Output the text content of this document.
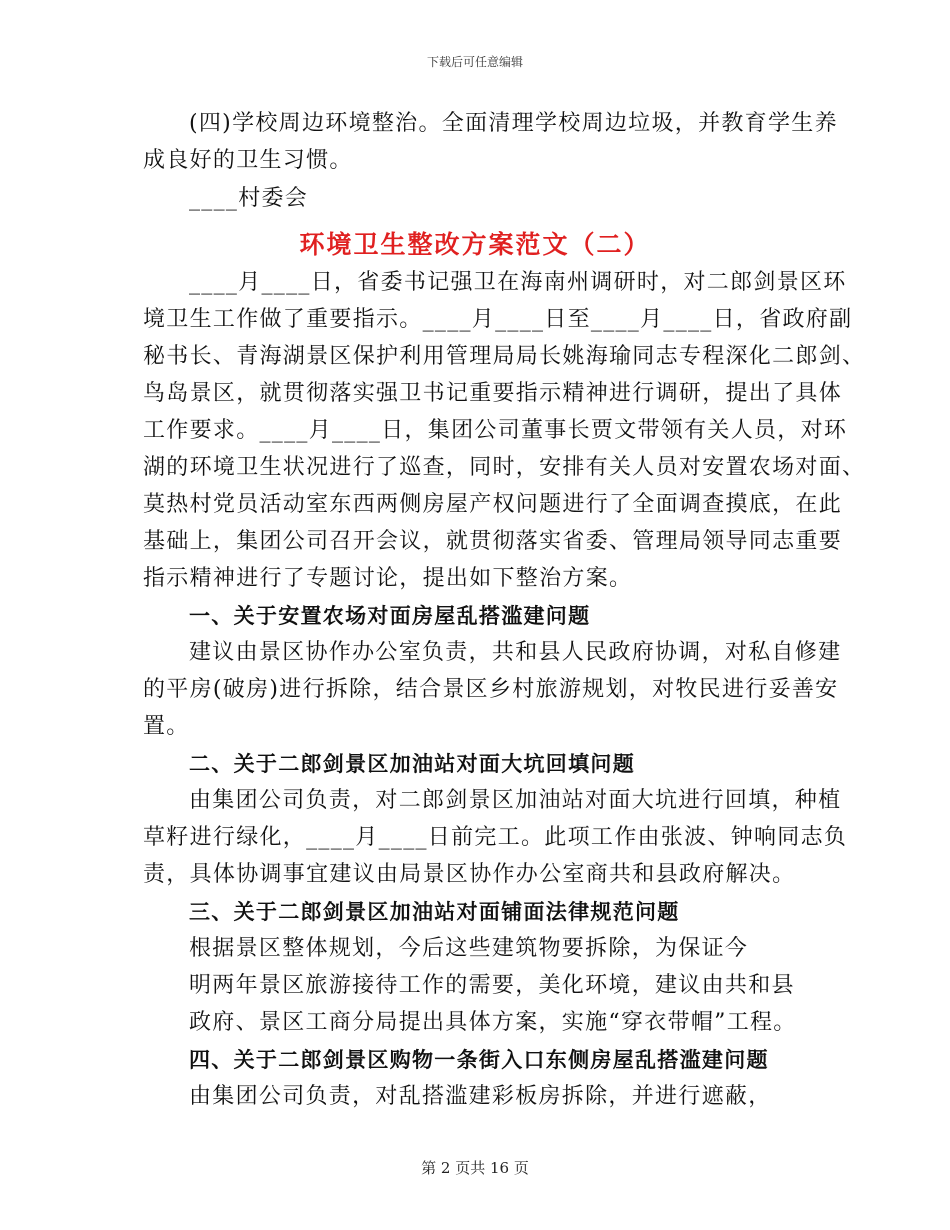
下载后可任意编辑
(四)学校周边环境整治。全面清理学校周边垃圾，并教育学生养
成良好的卫生习惯。
____村委会
环境卫生整改方案范文（二）
____月____日，省委书记强卫在海南州调研时，对二郎剑景区环
境卫生工作做了重要指示。____月____日至____月____日，省政府副
秘书长、青海湖景区保护利用管理局局长姚海瑜同志专程深化二郎剑、
鸟岛景区，就贯彻落实强卫书记重要指示精神进行调研，提出了具体
工作要求。____月____日，集团公司董事长贾文带领有关人员，对环
湖的环境卫生状况进行了巡查，同时，安排有关人员对安置农场对面、
莫热村党员活动室东西两侧房屋产权问题进行了全面调查摸底，在此
基础上，集团公司召开会议，就贯彻落实省委、管理局领导同志重要
指示精神进行了专题讨论，提出如下整治方案。
一、关于安置农场对面房屋乱搭滥建问题
建议由景区协作办公室负责，共和县人民政府协调，对私自修建
的平房(破房)进行拆除，结合景区乡村旅游规划，对牧民进行妥善安
置。
二、关于二郎剑景区加油站对面大坑回填问题
由集团公司负责，对二郎剑景区加油站对面大坑进行回填，种植
草籽进行绿化，____月____日前完工。此项工作由张波、钟响同志负
责，具体协调事宜建议由局景区协作办公室商共和县政府解决。
三、关于二郎剑景区加油站对面铺面法律规范问题
根据景区整体规划，今后这些建筑物要拆除，为保证今
明两年景区旅游接待工作的需要，美化环境，建议由共和县
政府、景区工商分局提出具体方案，实施“穿衣带帽”工程。
四、关于二郎剑景区购物一条街入口东侧房屋乱搭滥建问题
由集团公司负责，对乱搭滥建彩板房拆除，并进行遮蔽，
第 2 页共 16 页
